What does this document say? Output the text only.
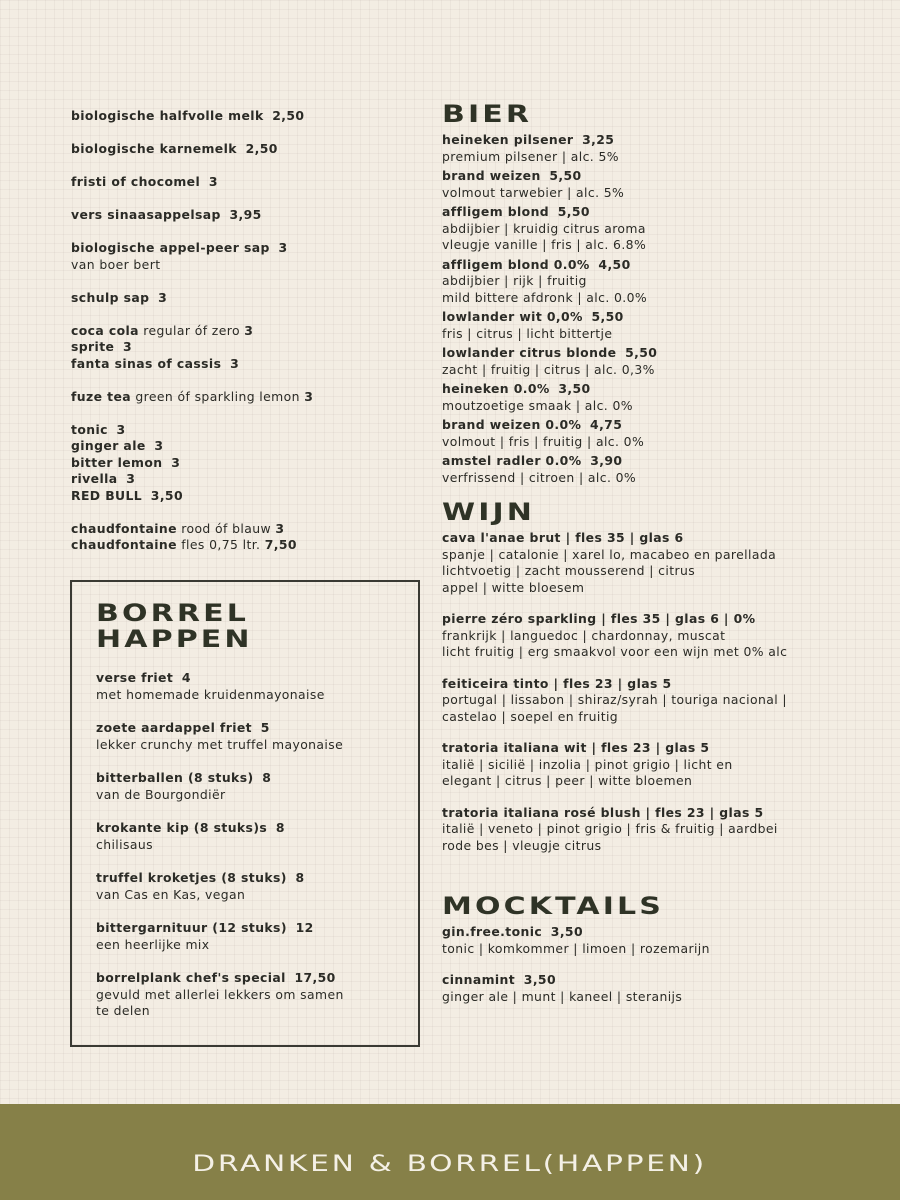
biologische halfvolle melk 2,50
biologische karnemelk 2,50
fristi of chocomel 3
vers sinaasappelsap 3,95
biologische appel-peer sap 3
van boer bert
schulp sap 3
coca cola regular óf zero 3
sprite 3
fanta sinas of cassis 3
fuze tea green óf sparkling lemon 3
tonic 3
ginger ale 3
bitter lemon 3
rivella 3
RED BULL 3,50
chaudfontaine rood óf blauw 3
chaudfontaine fles 0,75 ltr. 7,50
BORREL
HAPPEN
verse friet 4
met homemade kruidenmayonaise
zoete aardappel friet 5
lekker crunchy met truffel mayonaise
bitterballen (8 stuks) 8
van de Bourgondiër
krokante kip (8 stuks)s 8
chilisaus
truffel kroketjes (8 stuks) 8
van Cas en Kas, vegan
bittergarnituur (12 stuks) 12
een heerlijke mix
borrelplank chef's special 17,50
gevuld met allerlei lekkers om samen
te delen
BIER
heineken pilsener 3,25
premium pilsener | alc. 5%
brand weizen 5,50
volmout tarwebier | alc. 5%
affligem blond 5,50
abdijbier | kruidig citrus aroma
vleugje vanille | fris | alc. 6.8%
affligem blond 0.0% 4,50
abdijbier | rijk | fruitig
mild bittere afdronk | alc. 0.0%
lowlander wit 0,0% 5,50
fris | citrus | licht bittertje
lowlander citrus blonde 5,50
zacht | fruitig | citrus | alc. 0,3%
heineken 0.0% 3,50
moutzoetige smaak | alc. 0%
brand weizen 0.0% 4,75
volmout | fris | fruitig | alc. 0%
amstel radler 0.0% 3,90
verfrissend | citroen | alc. 0%
WIJN
cava l'anae brut | fles 35 | glas 6
spanje | catalonie | xarel lo, macabeo en parellada
lichtvoetig | zacht mousserend | citrus
appel | witte bloesem
pierre zéro sparkling | fles 35 | glas 6 | 0%
frankrijk | languedoc | chardonnay, muscat
licht fruitig | erg smaakvol voor een wijn met 0% alc
feiticeira tinto | fles 23 | glas 5
portugal | lissabon | shiraz/syrah | touriga nacional |
castelao | soepel en fruitig
tratoria italiana wit | fles 23 | glas 5
italië | sicilië | inzolia | pinot grigio | licht en
elegant | citrus | peer | witte bloemen
tratoria italiana rosé blush | fles 23 | glas 5
italië | veneto | pinot grigio | fris & fruitig | aardbei
rode bes | vleugje citrus
MOCKTAILS
gin.free.tonic 3,50
tonic | komkommer | limoen | rozemarijn
cinnamint 3,50
ginger ale | munt | kaneel | steranijs
DRANKEN & BORREL(HAPPEN)
